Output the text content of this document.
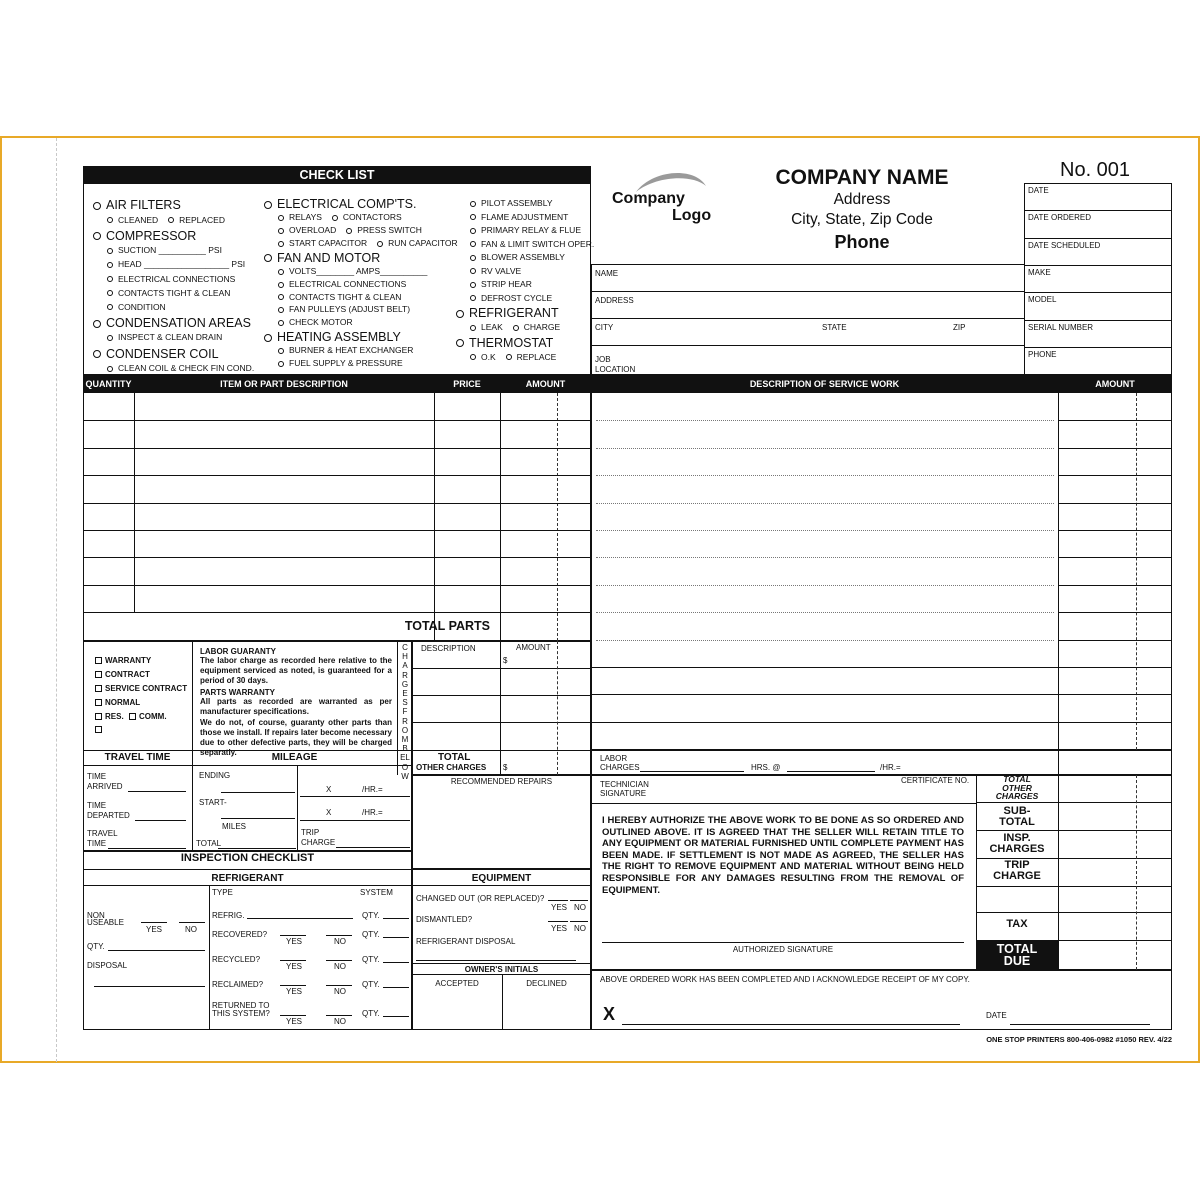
CHECK LIST
AIR FILTERS
CLEANED REPLACED
COMPRESSOR
SUCTION __________ PSI
HEAD __________________ PSI
ELECTRICAL CONNECTIONS
CONTACTS TIGHT & CLEAN
CONDITION
CONDENSATION AREAS
INSPECT & CLEAN DRAIN
CONDENSER COIL
CLEAN COIL & CHECK FIN COND.
ELECTRICAL COMP'TS.
RELAYS CONTACTORS
OVERLOAD PRESS SWITCH
START CAPACITOR RUN CAPACITOR
FAN AND MOTOR
VOLTS________ AMPS__________
ELECTRICAL CONNECTIONS
CONTACTS TIGHT & CLEAN
FAN PULLEYS (ADJUST BELT)
CHECK MOTOR
HEATING ASSEMBLY
BURNER & HEAT EXCHANGER
FUEL SUPPLY & PRESSURE
PILOT ASSEMBLY
FLAME ADJUSTMENT
PRIMARY RELAY & FLUE
FAN & LIMIT SWITCH OPER.
BLOWER ASSEMBLY
RV VALVE
STRIP HEAR
DEFROST CYCLE
REFRIGERANT
LEAK CHARGE
THERMOSTAT
O.K REPLACE
Company
Logo
COMPANY NAME
Address
City, State, Zip Code
Phone
No. 001
DATE
DATE ORDERED
DATE SCHEDULED
MAKE
MODEL
SERIAL NUMBER
PHONE
NAME
ADDRESS
CITY	STATE	ZIP
JOB
LOCATION
QUANTITY	ITEM OR PART DESCRIPTION	PRICE	AMOUNT
TOTAL PARTS
DESCRIPTION OF SERVICE WORK	AMOUNT
WARRANTY
CONTRACT
SERVICE CONTRACT
NORMAL
RES.	COMM.
LABOR GUARANTY
The labor charge as recorded here relative to the equipment serviced as noted, is guaranteed for a period of 30 days.
PARTS WARRANTY
All parts as recorded are warranted as per manufacturer specifications.
We do not, of course, guaranty other parts than those we install. If repairs later become necessary due to other defective parts, they will be charged separatly.
CHARGES FROM BELOW
DESCRIPTION	AMOUNT
$
TOTAL
OTHER CHARGES $
TRAVEL TIME	MILEAGE
TIME
ARRIVED
TIME
DEPARTED
TRAVEL
TIME
ENDING
START-
MILES
TOTAL
X	/HR.=
X	/HR.=
TRIP
CHARGE
RECOMMENDED REPAIRS
INSPECTION CHECKLIST
REFRIGERANT
NON
USEABLE
YES	NO
QTY.
DISPOSAL
TYPE	SYSTEM
REFRIG.	QTY.
RECOVERED?
YES	NO
QTY.
RECYCLED?
YES	NO
QTY.
RECLAIMED?
YES	NO
QTY.
RETURNED TO
THIS SYSTEM?
YES	NO
QTY.
EQUIPMENT
CHANGED OUT (OR REPLACED)?
YES NO
DISMANTLED?
YES NO
REFRIGERANT DISPOSAL
OWNER'S INITIALS
ACCEPTED	DECLINED
LABOR
CHARGES	HRS. @	/HR.=
TECHNICIAN
SIGNATURE
CERTIFICATE NO.
I HEREBY AUTHORIZE THE ABOVE WORK TO BE DONE AS SO ORDERED AND OUTLINED ABOVE. IT IS AGREED THAT THE SELLER WILL RETAIN TITLE TO ANY EQUIPMENT OR MATERIAL FURNISHED UNTIL COMPLETE PAYMENT HAS BEEN MADE. IF SETTLEMENT IS NOT MADE AS AGREED, THE SELLER HAS THE RIGHT TO REMOVE EQUIPMENT AND MATERIAL WITHOUT BEING HELD RESPONSIBLE FOR ANY DAMAGES RESULTING FROM THE REMOVAL OF EQUIPMENT.
AUTHORIZED SIGNATURE
TOTAL
OTHER
CHARGES
SUB-
TOTAL
INSP.
CHARGES
TRIP
CHARGE
TAX
TOTAL
DUE
ABOVE ORDERED WORK HAS BEEN COMPLETED AND I ACKNOWLEDGE RECEIPT OF MY COPY.
X	DATE
ONE STOP PRINTERS 800-406-0982 #1050 REV. 4/22
